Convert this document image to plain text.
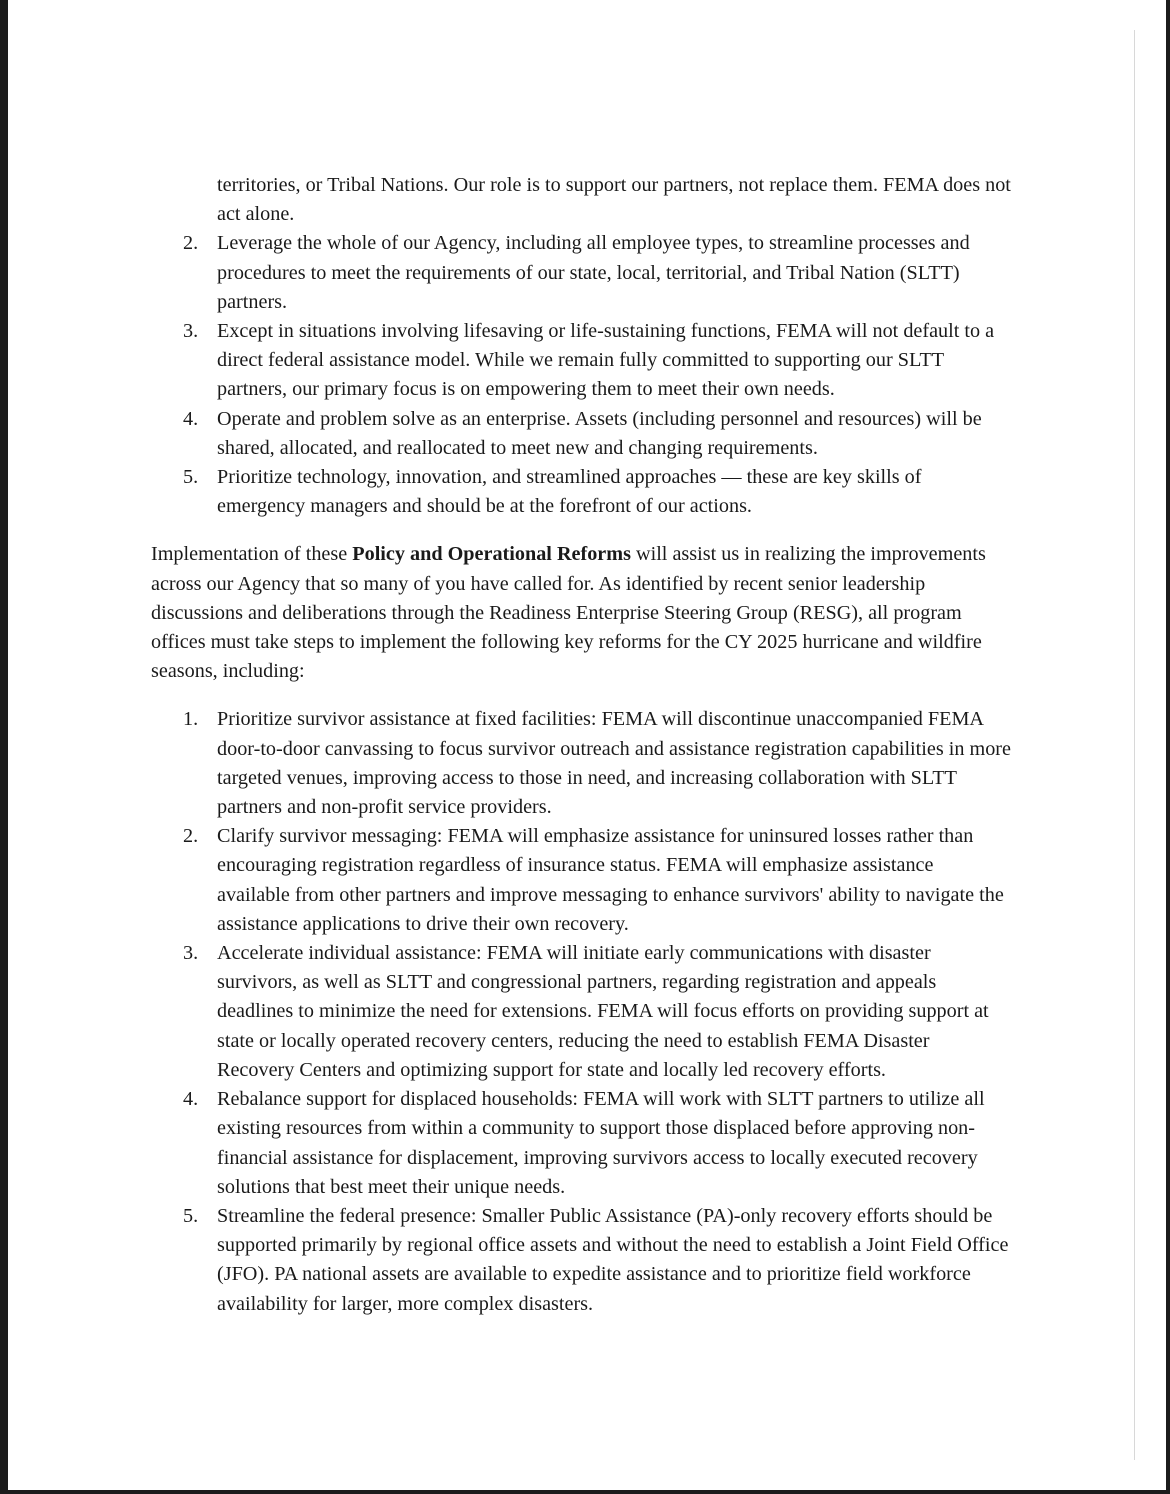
territories, or Tribal Nations. Our role is to support our partners, not replace them. FEMA does not act alone.

2. Leverage the whole of our Agency, including all employee types, to streamline processes and procedures to meet the requirements of our state, local, territorial, and Tribal Nation (SLTT) partners.
3. Except in situations involving lifesaving or life-sustaining functions, FEMA will not default to a direct federal assistance model. While we remain fully committed to supporting our SLTT partners, our primary focus is on empowering them to meet their own needs.
4. Operate and problem solve as an enterprise. Assets (including personnel and resources) will be shared, allocated, and reallocated to meet new and changing requirements.
5. Prioritize technology, innovation, and streamlined approaches — these are key skills of emergency managers and should be at the forefront of our actions.

Implementation of these Policy and Operational Reforms will assist us in realizing the improvements across our Agency that so many of you have called for. As identified by recent senior leadership discussions and deliberations through the Readiness Enterprise Steering Group (RESG), all program offices must take steps to implement the following key reforms for the CY 2025 hurricane and wildfire seasons, including:

1. Prioritize survivor assistance at fixed facilities: FEMA will discontinue unaccompanied FEMA door-to-door canvassing to focus survivor outreach and assistance registration capabilities in more targeted venues, improving access to those in need, and increasing collaboration with SLTT partners and non-profit service providers.
2. Clarify survivor messaging: FEMA will emphasize assistance for uninsured losses rather than encouraging registration regardless of insurance status. FEMA will emphasize assistance available from other partners and improve messaging to enhance survivors' ability to navigate the assistance applications to drive their own recovery.
3. Accelerate individual assistance: FEMA will initiate early communications with disaster survivors, as well as SLTT and congressional partners, regarding registration and appeals deadlines to minimize the need for extensions. FEMA will focus efforts on providing support at state or locally operated recovery centers, reducing the need to establish FEMA Disaster Recovery Centers and optimizing support for state and locally led recovery efforts.
4. Rebalance support for displaced households: FEMA will work with SLTT partners to utilize all existing resources from within a community to support those displaced before approving non-financial assistance for displacement, improving survivors access to locally executed recovery solutions that best meet their unique needs.
5. Streamline the federal presence: Smaller Public Assistance (PA)-only recovery efforts should be supported primarily by regional office assets and without the need to establish a Joint Field Office (JFO). PA national assets are available to expedite assistance and to prioritize field workforce availability for larger, more complex disasters.
